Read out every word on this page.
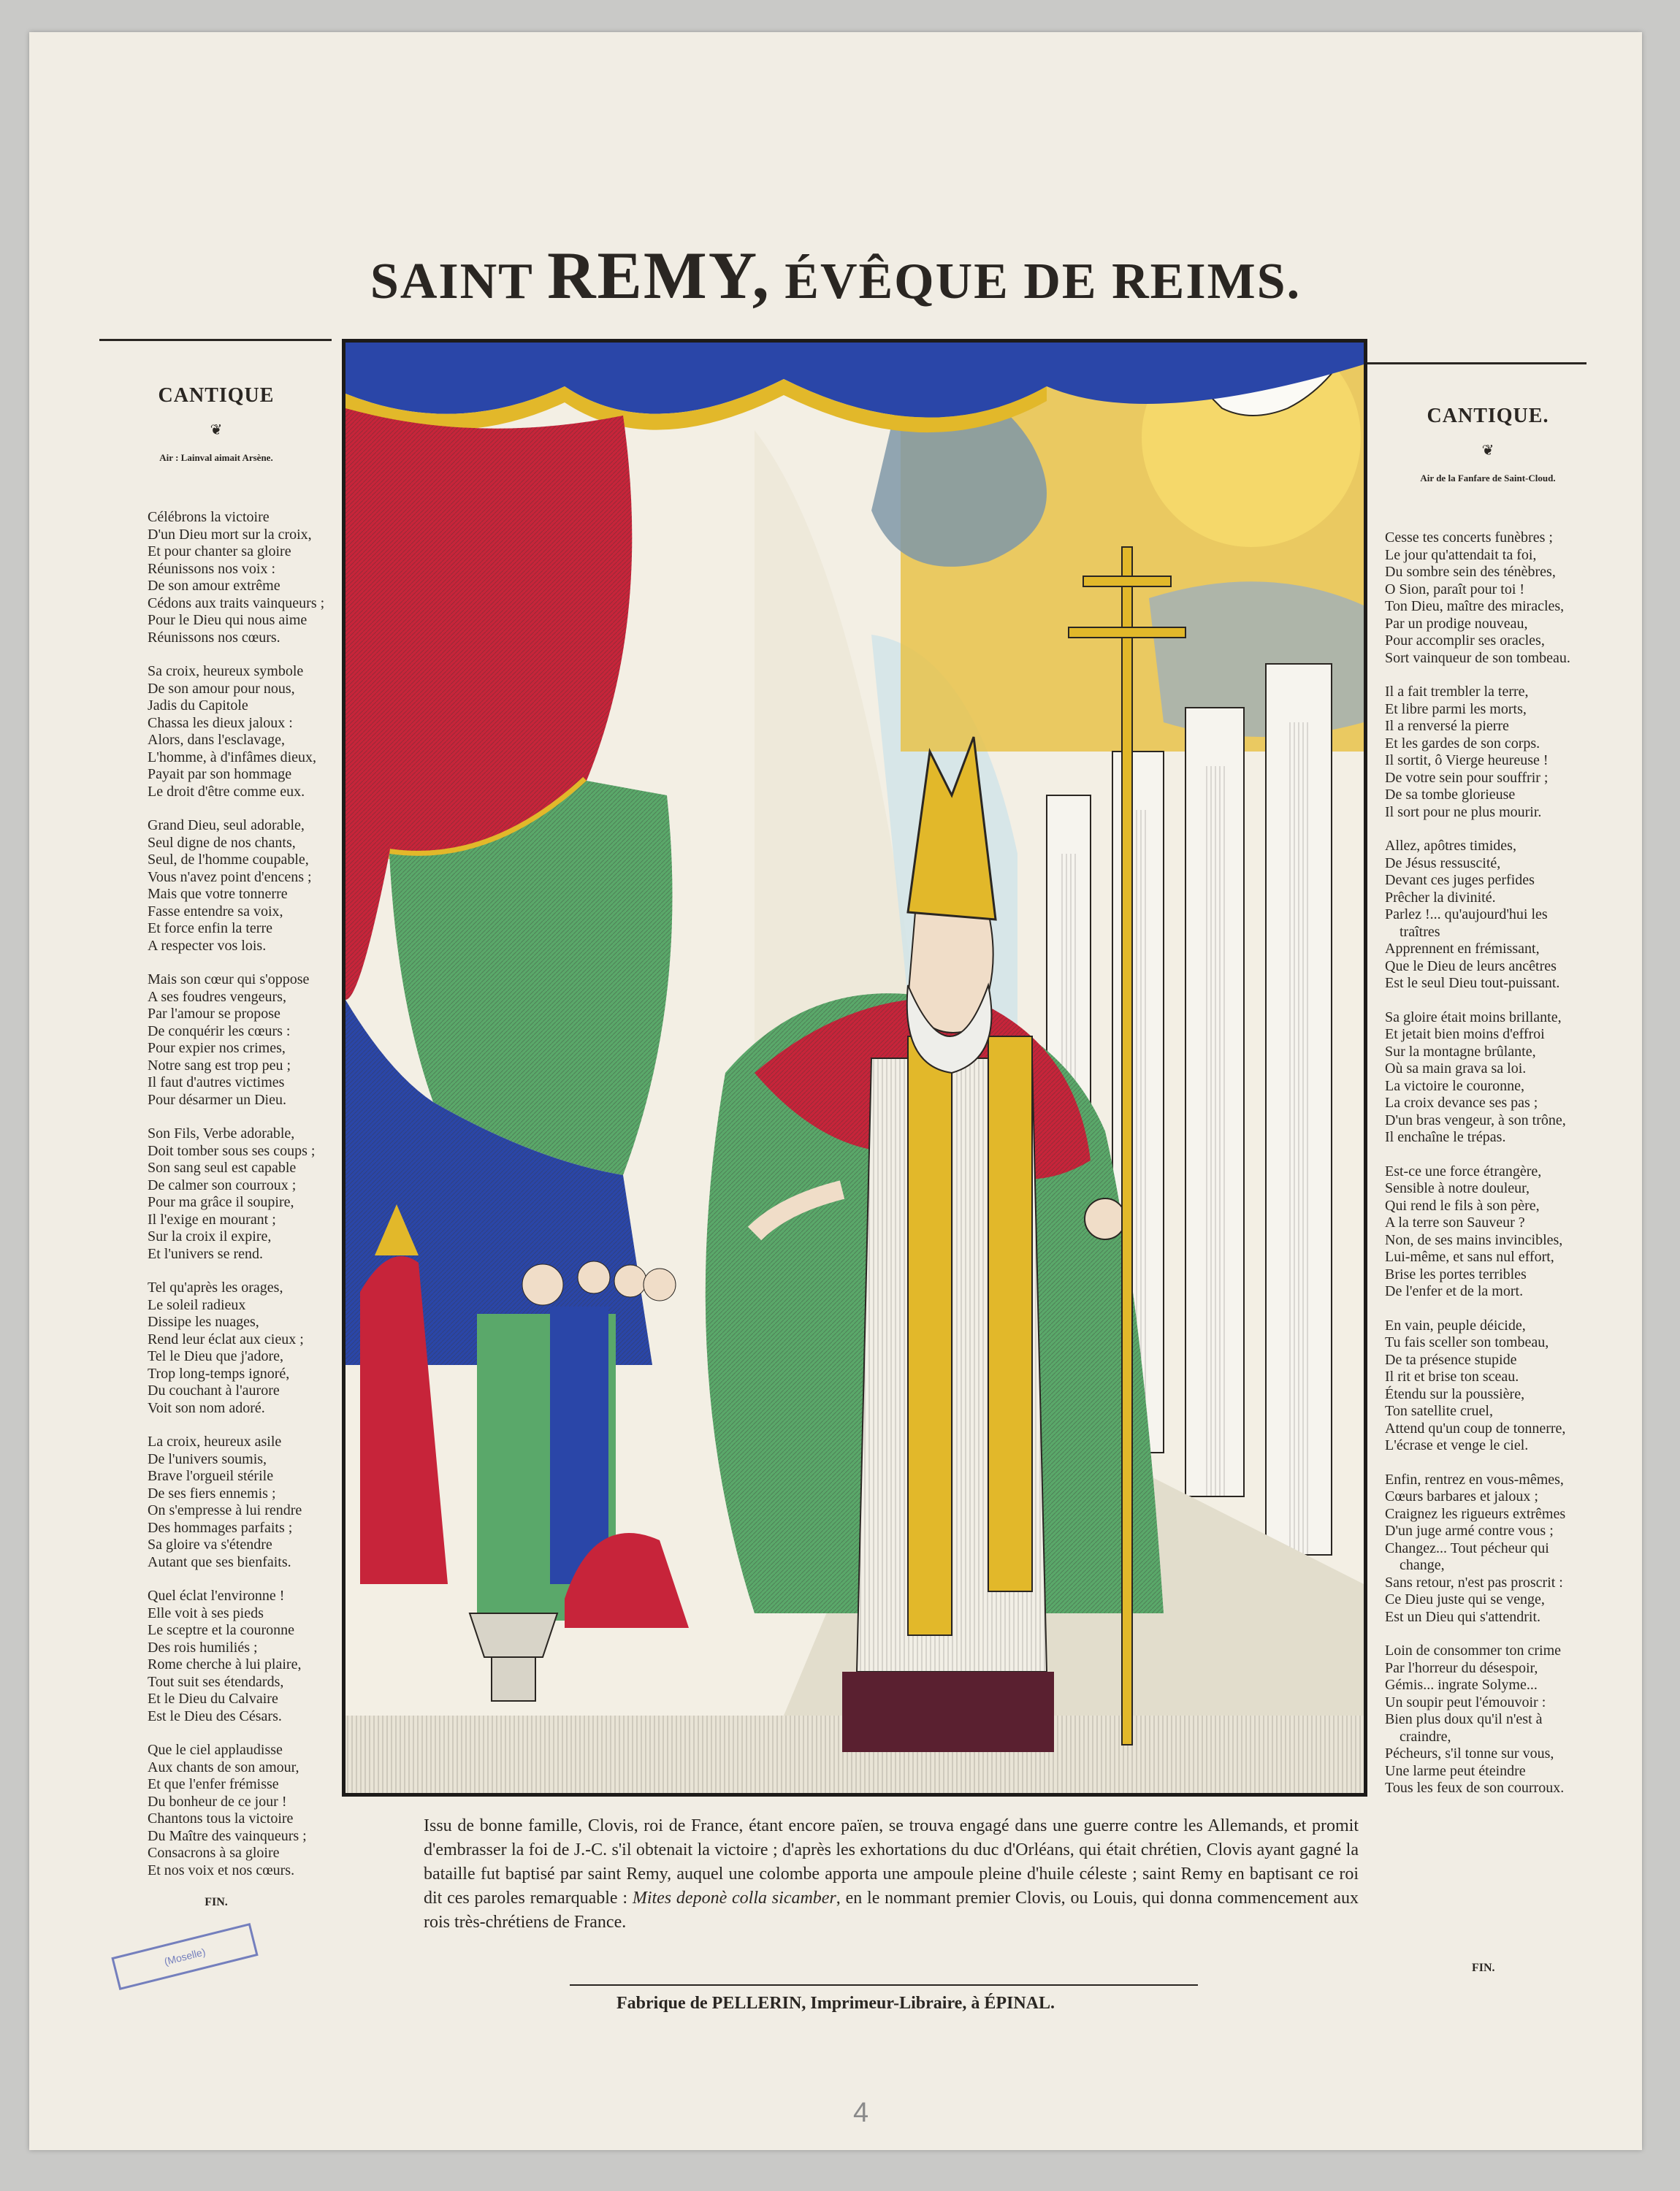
SAINT REMY, ÉVÊQUE DE REIMS.
CANTIQUE
❦
Air : Lainval aimait Arsène.
Célébrons la victoire
D'un Dieu mort sur la croix,
Et pour chanter sa gloire
Réunissons nos voix :
De son amour extrême
Cédons aux traits vainqueurs ;
Pour le Dieu qui nous aime
Réunissons nos cœurs.
Sa croix, heureux symbole
De son amour pour nous,
Jadis du Capitole
Chassa les dieux jaloux :
Alors, dans l'esclavage,
L'homme, à d'infâmes dieux,
Payait par son hommage
Le droit d'être comme eux.
Grand Dieu, seul adorable,
Seul digne de nos chants,
Seul, de l'homme coupable,
Vous n'avez point d'encens ;
Mais que votre tonnerre
Fasse entendre sa voix,
Et force enfin la terre
A respecter vos lois.
Mais son cœur qui s'oppose
A ses foudres vengeurs,
Par l'amour se propose
De conquérir les cœurs :
Pour expier nos crimes,
Notre sang est trop peu ;
Il faut d'autres victimes
Pour désarmer un Dieu.
Son Fils, Verbe adorable,
Doit tomber sous ses coups ;
Son sang seul est capable
De calmer son courroux ;
Pour ma grâce il soupire,
Il l'exige en mourant ;
Sur la croix il expire,
Et l'univers se rend.
Tel qu'après les orages,
Le soleil radieux
Dissipe les nuages,
Rend leur éclat aux cieux ;
Tel le Dieu que j'adore,
Trop long-temps ignoré,
Du couchant à l'aurore
Voit son nom adoré.
La croix, heureux asile
De l'univers soumis,
Brave l'orgueil stérile
De ses fiers ennemis ;
On s'empresse à lui rendre
Des hommages parfaits ;
Sa gloire va s'étendre
Autant que ses bienfaits.
Quel éclat l'environne !
Elle voit à ses pieds
Le sceptre et la couronne
Des rois humiliés ;
Rome cherche à lui plaire,
Tout suit ses étendards,
Et le Dieu du Calvaire
Est le Dieu des Césars.
Que le ciel applaudisse
Aux chants de son amour,
Et que l'enfer frémisse
Du bonheur de ce jour !
Chantons tous la victoire
Du Maître des vainqueurs ;
Consacrons à sa gloire
Et nos voix et nos cœurs.
FIN.
CANTIQUE.
❦
Air de la Fanfare de Saint-Cloud.
Cesse tes concerts funèbres ;
Le jour qu'attendait ta foi,
Du sombre sein des ténèbres,
O Sion, paraît pour toi !
Ton Dieu, maître des miracles,
Par un prodige nouveau,
Pour accomplir ses oracles,
Sort vainqueur de son tombeau.
Il a fait trembler la terre,
Et libre parmi les morts,
Il a renversé la pierre
Et les gardes de son corps.
Il sortit, ô Vierge heureuse !
De votre sein pour souffrir ;
De sa tombe glorieuse
Il sort pour ne plus mourir.
Allez, apôtres timides,
De Jésus ressuscité,
Devant ces juges perfides
Prêcher la divinité.
Parlez !... qu'aujourd'hui les
traîtres
Apprennent en frémissant,
Que le Dieu de leurs ancêtres
Est le seul Dieu tout-puissant.
Sa gloire était moins brillante,
Et jetait bien moins d'effroi
Sur la montagne brûlante,
Où sa main grava sa loi.
La victoire le couronne,
La croix devance ses pas ;
D'un bras vengeur, à son trône,
Il enchaîne le trépas.
Est-ce une force étrangère,
Sensible à notre douleur,
Qui rend le fils à son père,
A la terre son Sauveur ?
Non, de ses mains invincibles,
Lui-même, et sans nul effort,
Brise les portes terribles
De l'enfer et de la mort.
En vain, peuple déicide,
Tu fais sceller son tombeau,
De ta présence stupide
Il rit et brise ton sceau.
Étendu sur la poussière,
Ton satellite cruel,
Attend qu'un coup de tonnerre,
L'écrase et venge le ciel.
Enfin, rentrez en vous-mêmes,
Cœurs barbares et jaloux ;
Craignez les rigueurs extrêmes
D'un juge armé contre vous ;
Changez... Tout pécheur qui
change,
Sans retour, n'est pas proscrit :
Ce Dieu juste qui se venge,
Est un Dieu qui s'attendrit.
Loin de consommer ton crime
Par l'horreur du désespoir,
Gémis... ingrate Solyme...
Un soupir peut l'émouvoir :
Bien plus doux qu'il n'est à
craindre,
Pécheurs, s'il tonne sur vous,
Une larme peut éteindre
Tous les feux de son courroux.
FIN.
Issu de bonne famille, Clovis, roi de France, étant encore païen, se trouva engagé dans une guerre contre les Allemands, et promit d'embrasser la foi de J.-C. s'il obtenait la victoire ; d'après les exhortations du duc d'Orléans, qui était chrétien, Clovis ayant gagné la bataille fut baptisé par saint Remy, auquel une colombe apporta une ampoule pleine d'huile céleste ; saint Remy en baptisant ce roi dit ces paroles remarquable : Mites deponè colla sicamber, en le nommant premier Clovis, ou Louis, qui donna commencement aux rois très-chrétiens de France.
Fabrique de PELLERIN, Imprimeur-Libraire, à ÉPINAL.
(Moselle)
4
